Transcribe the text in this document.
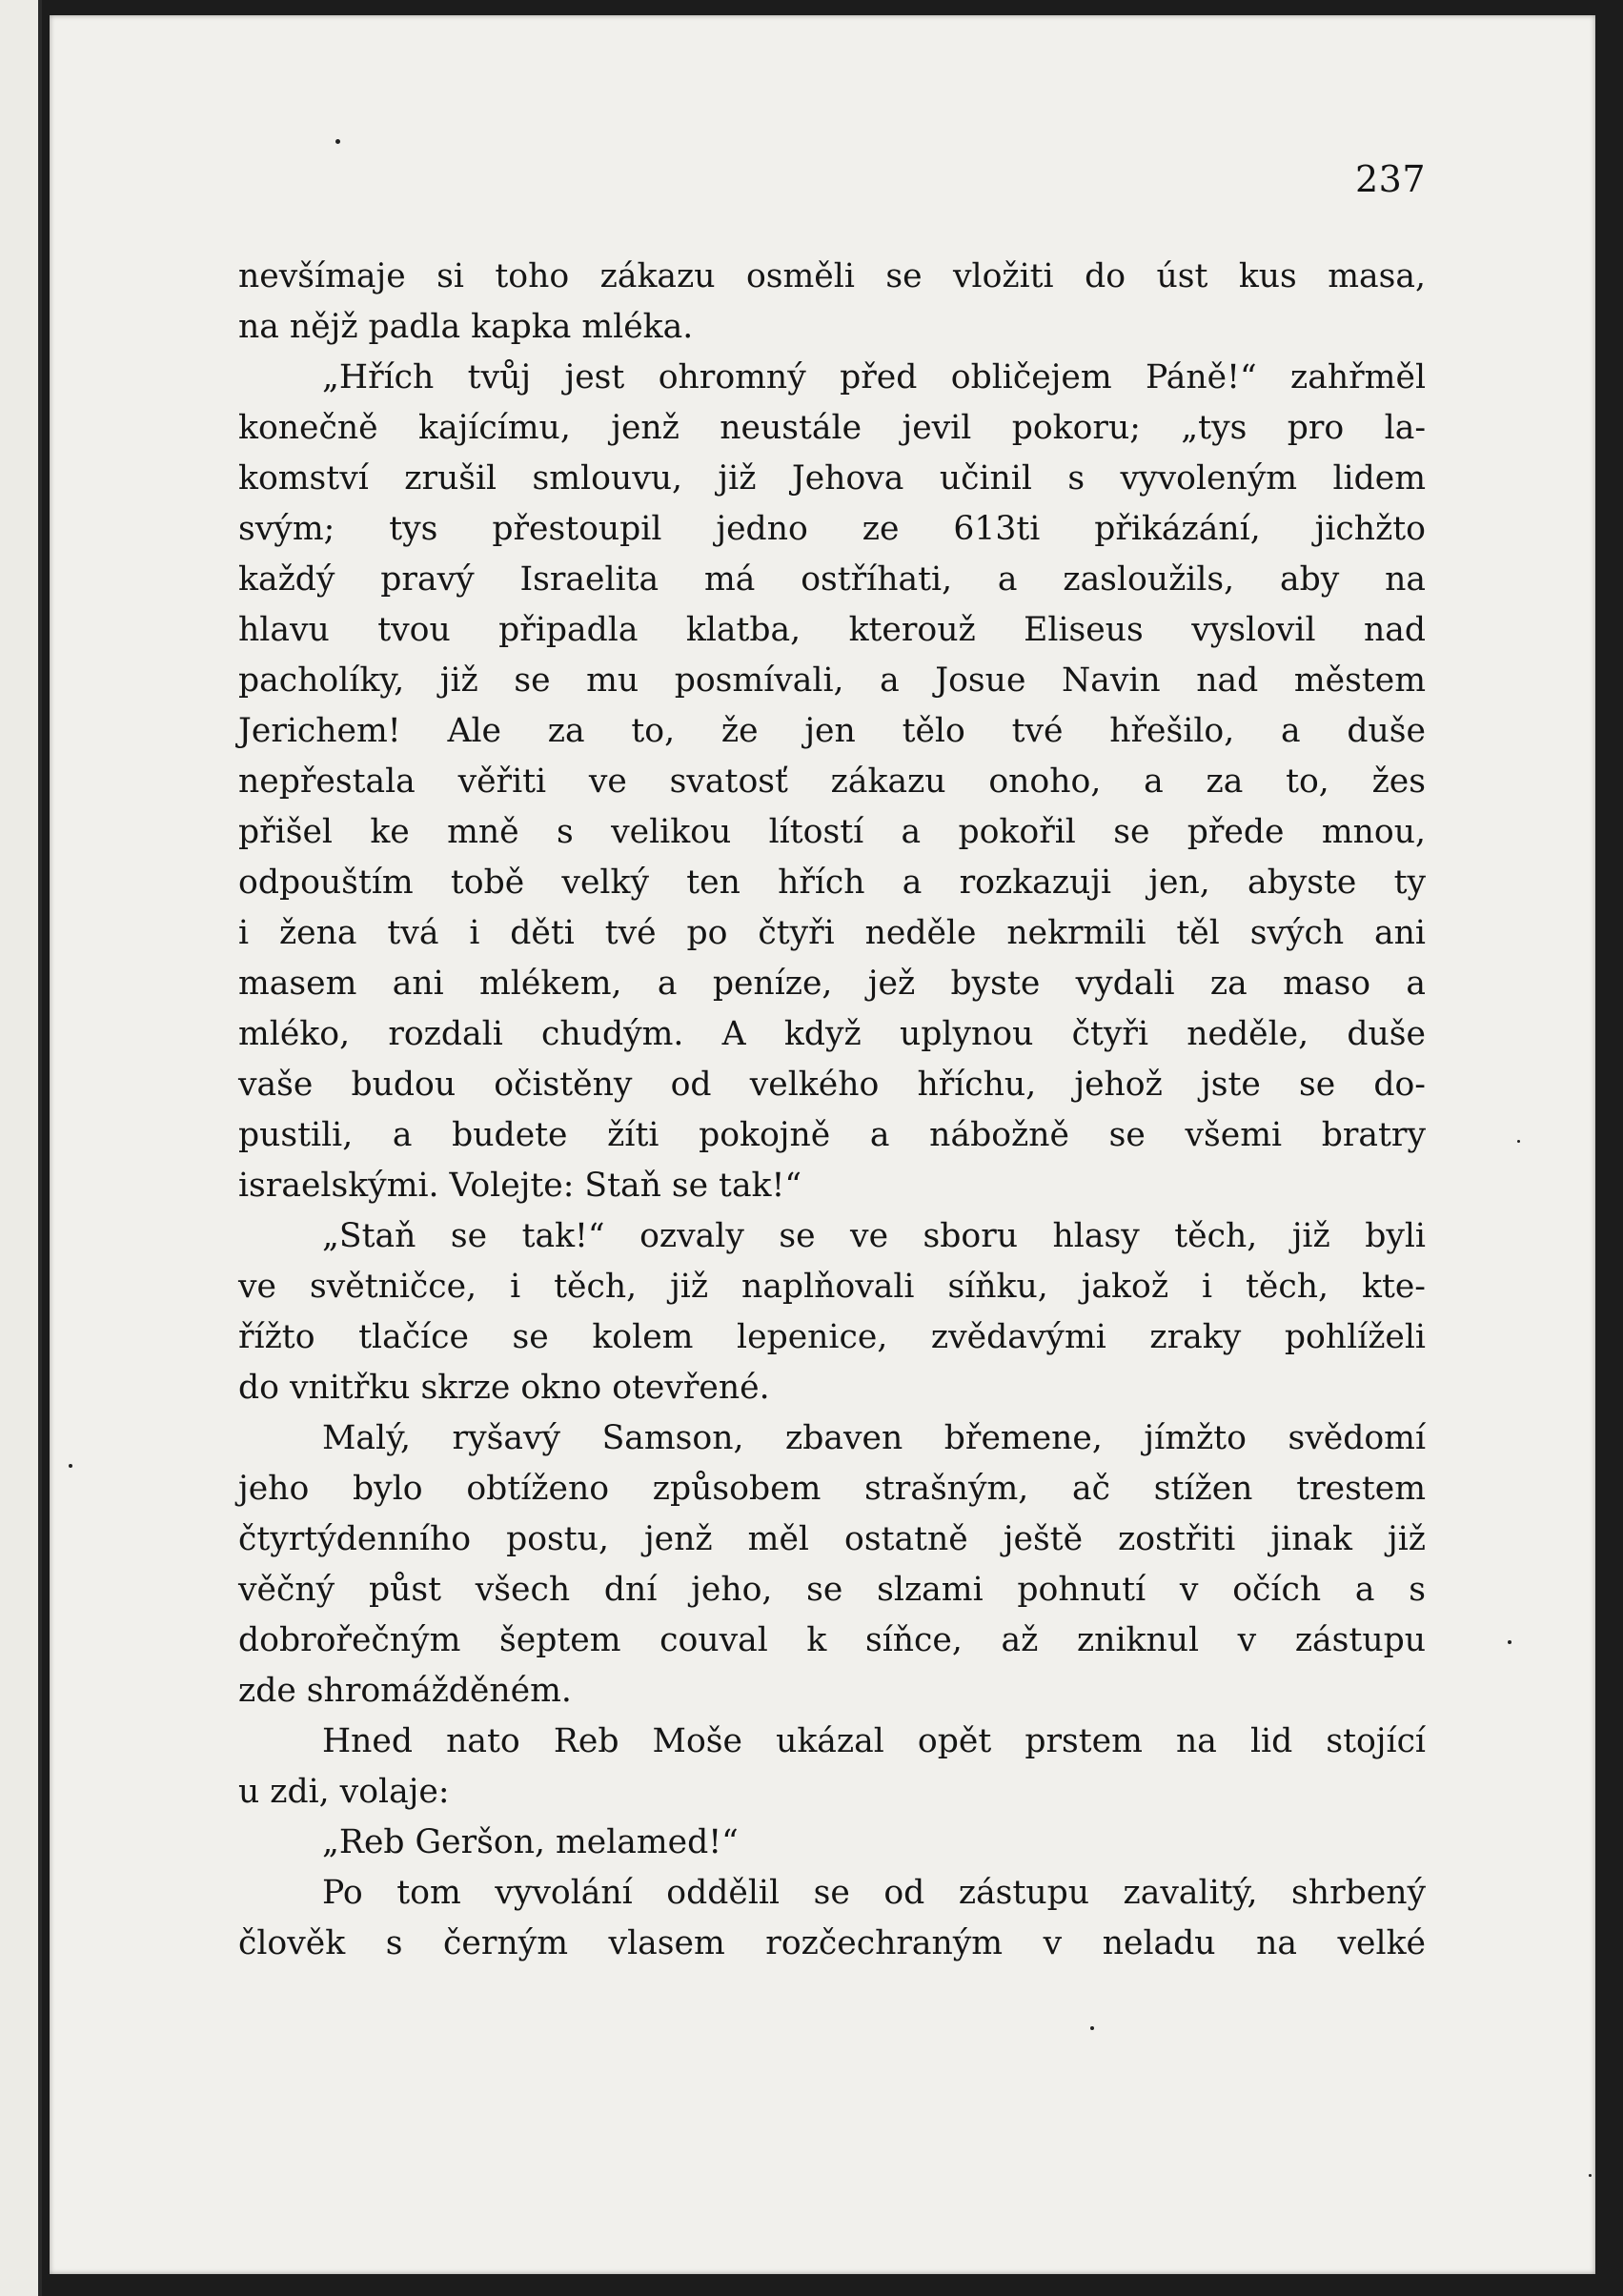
237
nevšímaje si toho zákazu osměli se vložiti do úst kus masa,
na nějž padla kapka mléka.
„Hřích tvůj jest ohromný před obličejem Páně!“ zahřměl
konečně kajícímu, jenž neustále jevil pokoru; „tys pro la-
komství zrušil smlouvu, již Jehova učinil s vyvoleným lidem
svým; tys přestoupil jedno ze 613ti přikázání, jichžto
každý pravý Israelita má ostříhati, a zasloužils, aby na
hlavu tvou připadla klatba, kterouž Eliseus vyslovil nad
pacholíky, již se mu posmívali, a Josue Navin nad městem
Jerichem! Ale za to, že jen tělo tvé hřešilo, a duše
nepřestala věřiti ve svatosť zákazu onoho, a za to, žes
přišel ke mně s velikou lítostí a pokořil se přede mnou,
odpouštím tobě velký ten hřích a rozkazuji jen, abyste ty
i žena tvá i děti tvé po čtyři neděle nekrmili těl svých ani
masem ani mlékem, a peníze, jež byste vydali za maso a
mléko, rozdali chudým. A když uplynou čtyři neděle, duše
vaše budou očistěny od velkého hříchu, jehož jste se do-
pustili, a budete žíti pokojně a nábožně se všemi bratry
israelskými. Volejte: Staň se tak!“
„Staň se tak!“ ozvaly se ve sboru hlasy těch, již byli
ve světničce, i těch, již naplňovali síňku, jakož i těch, kte-
řížto tlačíce se kolem lepenice, zvědavými zraky pohlíželi
do vnitřku skrze okno otevřené.
Malý, ryšavý Samson, zbaven břemene, jímžto svědomí
jeho bylo obtíženo způsobem strašným, ač stížen trestem
čtyrtýdenního postu, jenž měl ostatně ještě zostřiti jinak již
věčný půst všech dní jeho, se slzami pohnutí v očích a s
dobrořečným šeptem couval k síňce, až zniknul v zástupu
zde shromážděném.
Hned nato Reb Moše ukázal opět prstem na lid stojící
u zdi, volaje:
„Reb Geršon, melamed!“
Po tom vyvolání oddělil se od zástupu zavalitý, shrbený
člověk s černým vlasem rozčechraným v neladu na velké
